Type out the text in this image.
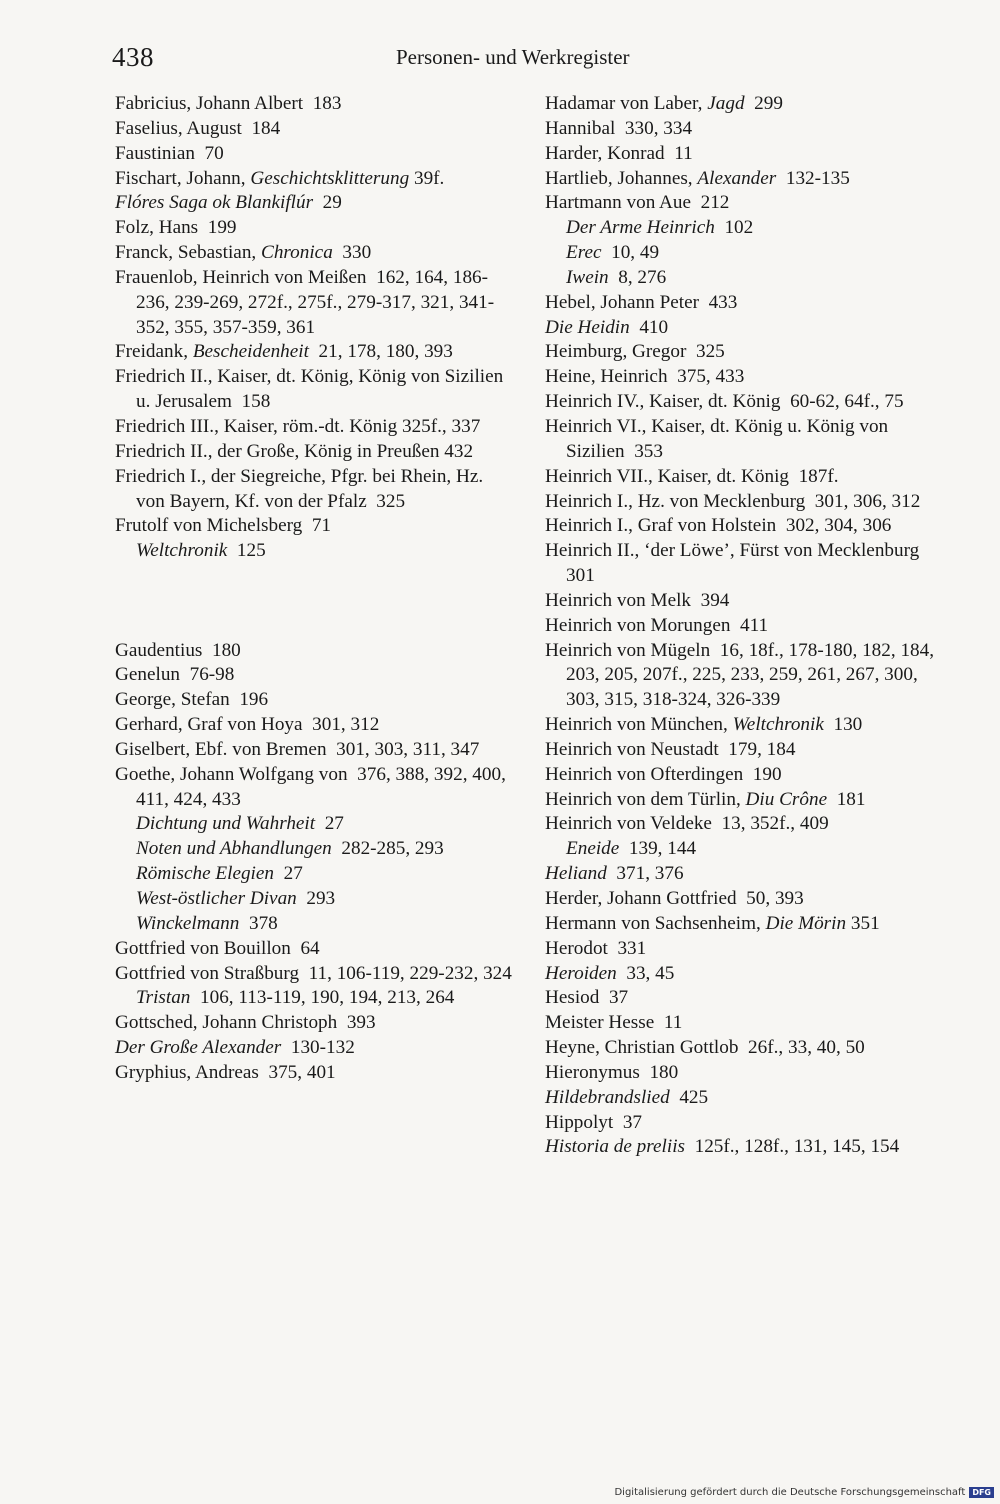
438	Personen- und Werkregister

Fabricius, Johann Albert  183

Faselius, August  184

Faustinian  70

Fischart, Johann, Geschichtsklitterung 39f.

Flóres Saga ok Blankiflúr  29

Folz, Hans  199

Franck, Sebastian, Chronica  330

Frauenlob, Heinrich von Meißen  162, 164, 186-236, 239-269, 272f., 275f., 279-317, 321, 341-352, 355, 357-359, 361

Freidank, Bescheidenheit  21, 178, 180, 393

Friedrich II., Kaiser, dt. König, König von Sizilien u. Jerusalem  158

Friedrich III., Kaiser, röm.-dt. König 325f., 337

Friedrich II., der Große, König in Preußen 432

Friedrich I., der Siegreiche, Pfgr. bei Rhein, Hz. von Bayern, Kf. von der Pfalz  325

Frutolf von Michelsberg  71

Weltchronik  125

Gaudentius  180

Genelun  76-98

George, Stefan  196

Gerhard, Graf von Hoya  301, 312

Giselbert, Ebf. von Bremen  301, 303, 311, 347

Goethe, Johann Wolfgang von  376, 388, 392, 400, 411, 424, 433

Dichtung und Wahrheit  27

Noten und Abhandlungen  282-285, 293

Römische Elegien  27

West-östlicher Divan  293

Winckelmann  378

Gottfried von Bouillon  64

Gottfried von Straßburg  11, 106-119, 229-232, 324

Tristan  106, 113-119, 190, 194, 213, 264

Gottsched, Johann Christoph  393

Der Große Alexander  130-132

Gryphius, Andreas  375, 401

Hadamar von Laber, Jagd  299

Hannibal  330, 334

Harder, Konrad  11

Hartlieb, Johannes, Alexander  132-135

Hartmann von Aue  212

Der Arme Heinrich  102

Erec  10, 49

Iwein  8, 276

Hebel, Johann Peter  433

Die Heidin  410

Heimburg, Gregor  325

Heine, Heinrich  375, 433

Heinrich IV., Kaiser, dt. König  60-62, 64f., 75

Heinrich VI., Kaiser, dt. König u. König von Sizilien  353

Heinrich VII., Kaiser, dt. König  187f.

Heinrich I., Hz. von Mecklenburg  301, 306, 312

Heinrich I., Graf von Holstein  302, 304, 306

Heinrich II., ‘der Löwe’, Fürst von Mecklenburg  301

Heinrich von Melk  394

Heinrich von Morungen  411

Heinrich von Mügeln  16, 18f., 178-180, 182, 184, 203, 205, 207f., 225, 233, 259, 261, 267, 300, 303, 315, 318-324, 326-339

Heinrich von München, Weltchronik  130

Heinrich von Neustadt  179, 184

Heinrich von Ofterdingen  190

Heinrich von dem Türlin, Diu Crône  181

Heinrich von Veldeke  13, 352f., 409

Eneide  139, 144

Heliand  371, 376

Herder, Johann Gottfried  50, 393

Hermann von Sachsenheim, Die Mörin 351

Herodot  331

Heroiden  33, 45

Hesiod  37

Meister Hesse  11

Heyne, Christian Gottlob  26f., 33, 40, 50

Hieronymus  180

Hildebrandslied  425

Hippolyt  37

Historia de preliis  125f., 128f., 131, 145, 154

Digitalisierung gefördert durch die Deutsche Forschungsgemeinschaft DFG
